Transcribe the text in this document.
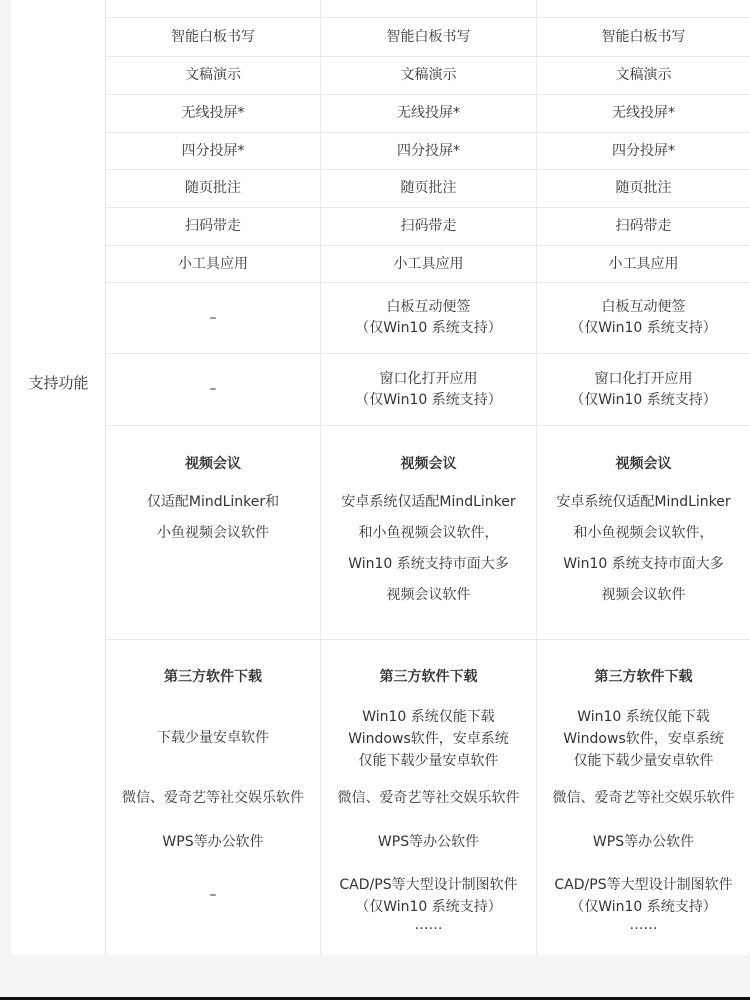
支持功能
智能白板书写
文稿演示
无线投屏*
四分投屏*
随页批注
扫码带走
小工具应用
–
–
视频会议
仅适配MindLinker和
小鱼视频会议软件
第三方软件下载
下载少量安卓软件
微信、爱奇艺等社交娱乐软件
WPS等办公软件
–
智能白板书写
文稿演示
无线投屏*
四分投屏*
随页批注
扫码带走
小工具应用
白板互动便签
（仅Win10 系统支持）
窗口化打开应用
（仅Win10 系统支持）
视频会议
安卓系统仅适配MindLinker
和小鱼视频会议软件，
Win10 系统支持市面大多
视频会议软件
第三方软件下载
Win10 系统仅能下载
Windows软件，安卓系统
仅能下载少量安卓软件
微信、爱奇艺等社交娱乐软件
WPS等办公软件
CAD/PS等大型设计制图软件
（仅Win10 系统支持）
……
智能白板书写
文稿演示
无线投屏*
四分投屏*
随页批注
扫码带走
小工具应用
白板互动便签
（仅Win10 系统支持）
窗口化打开应用
（仅Win10 系统支持）
视频会议
安卓系统仅适配MindLinker
和小鱼视频会议软件，
Win10 系统支持市面大多
视频会议软件
第三方软件下载
Win10 系统仅能下载
Windows软件，安卓系统
仅能下载少量安卓软件
微信、爱奇艺等社交娱乐软件
WPS等办公软件
CAD/PS等大型设计制图软件
（仅Win10 系统支持）
……
